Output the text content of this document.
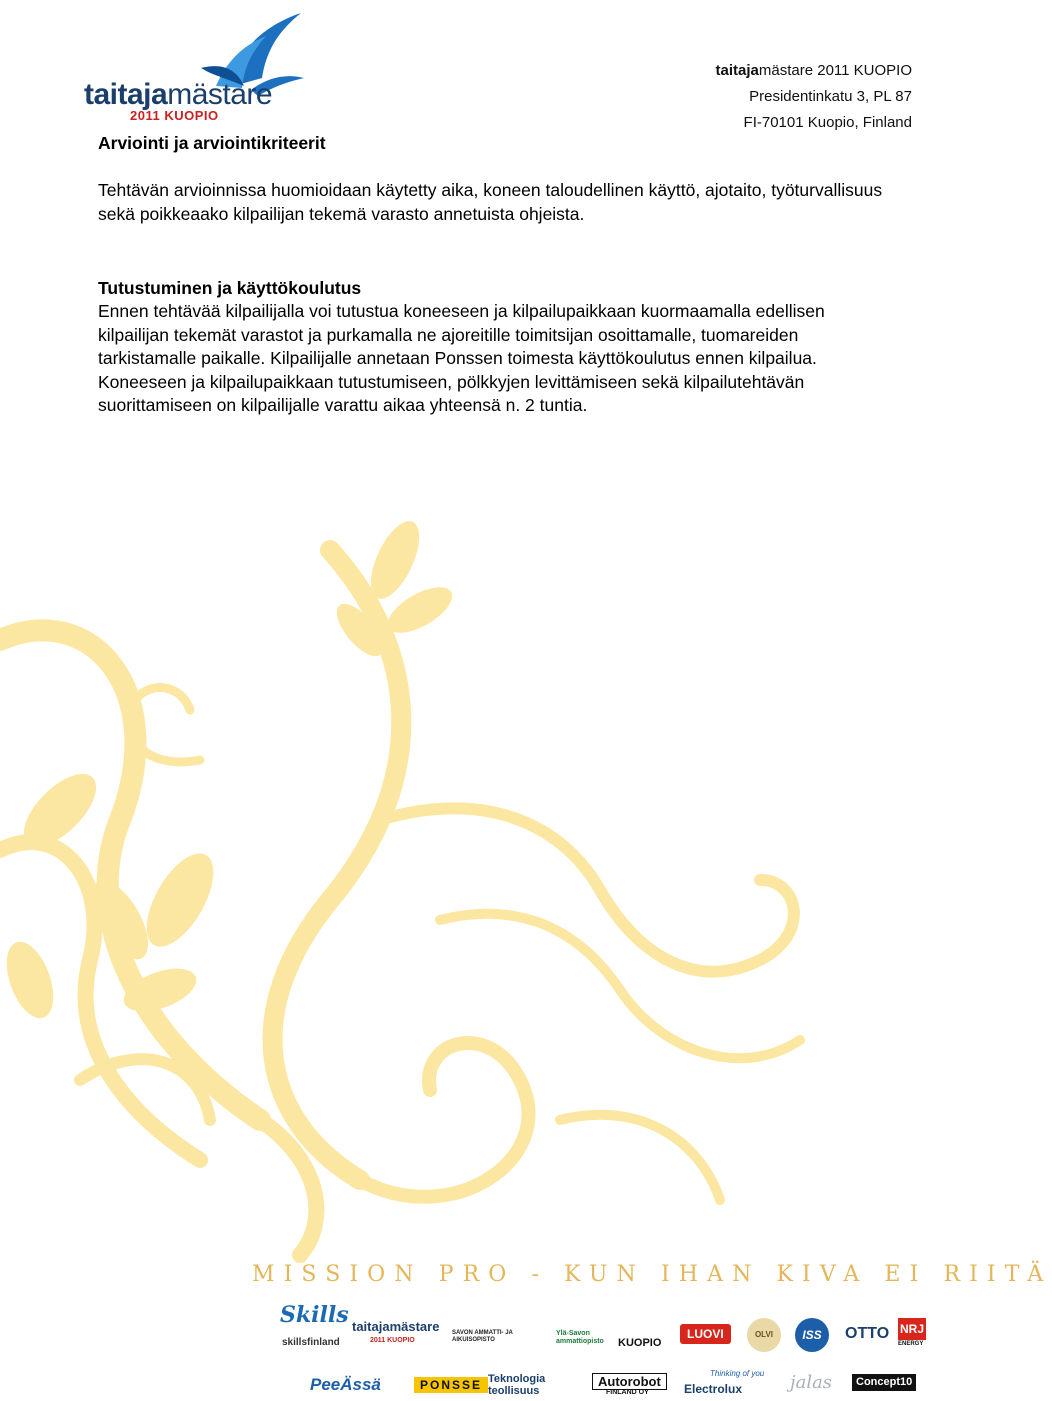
taitajamästare
2011 KUOPIO
taitajamästare 2011 KUOPIO
Presidentinkatu 3, PL 87
FI-70101 Kuopio, Finland
Arviointi ja arviointikriteerit
Tehtävän arvioinnissa huomioidaan käytetty aika, koneen taloudellinen käyttö, ajotaito, työturvallisuus sekä poikkeaako kilpailijan tekemä varasto annetuista ohjeista.
Tutustuminen ja käyttökoulutus
Ennen tehtävää kilpailijalla voi tutustua koneeseen ja kilpailupaikkaan kuormaamalla edellisen kilpailijan tekemät varastot ja purkamalla ne ajoreitille toimitsijan osoittamalle, tuomareiden tarkistamalle paikalle. Kilpailijalle annetaan Ponssen toimesta käyttökoulutus ennen kilpailua. Koneeseen ja kilpailupaikkaan tutustumiseen, pölkkyjen levittämiseen sekä kilpailutehtävän suorittamiseen on kilpailijalle varattu aikaa yhteensä n. 2 tuntia.
MISSION PRO - KUN IHAN KIVA EI RIITÄ
Skills
skillsfinland
taitajamästare
2011 KUOPIO
SAVON AMMATTI- JA AIKUISOPISTO
Ylä-Savon ammattiopisto	KUOPIO
LUOVI	OLVI	ISS	OTTO NRJ
ENERGY
PeeÄssä	PONSSE Teknologia teollisuus
Autorobot
FINLAND OY
Thinking of you
Electrolux	jalas	Concept10
